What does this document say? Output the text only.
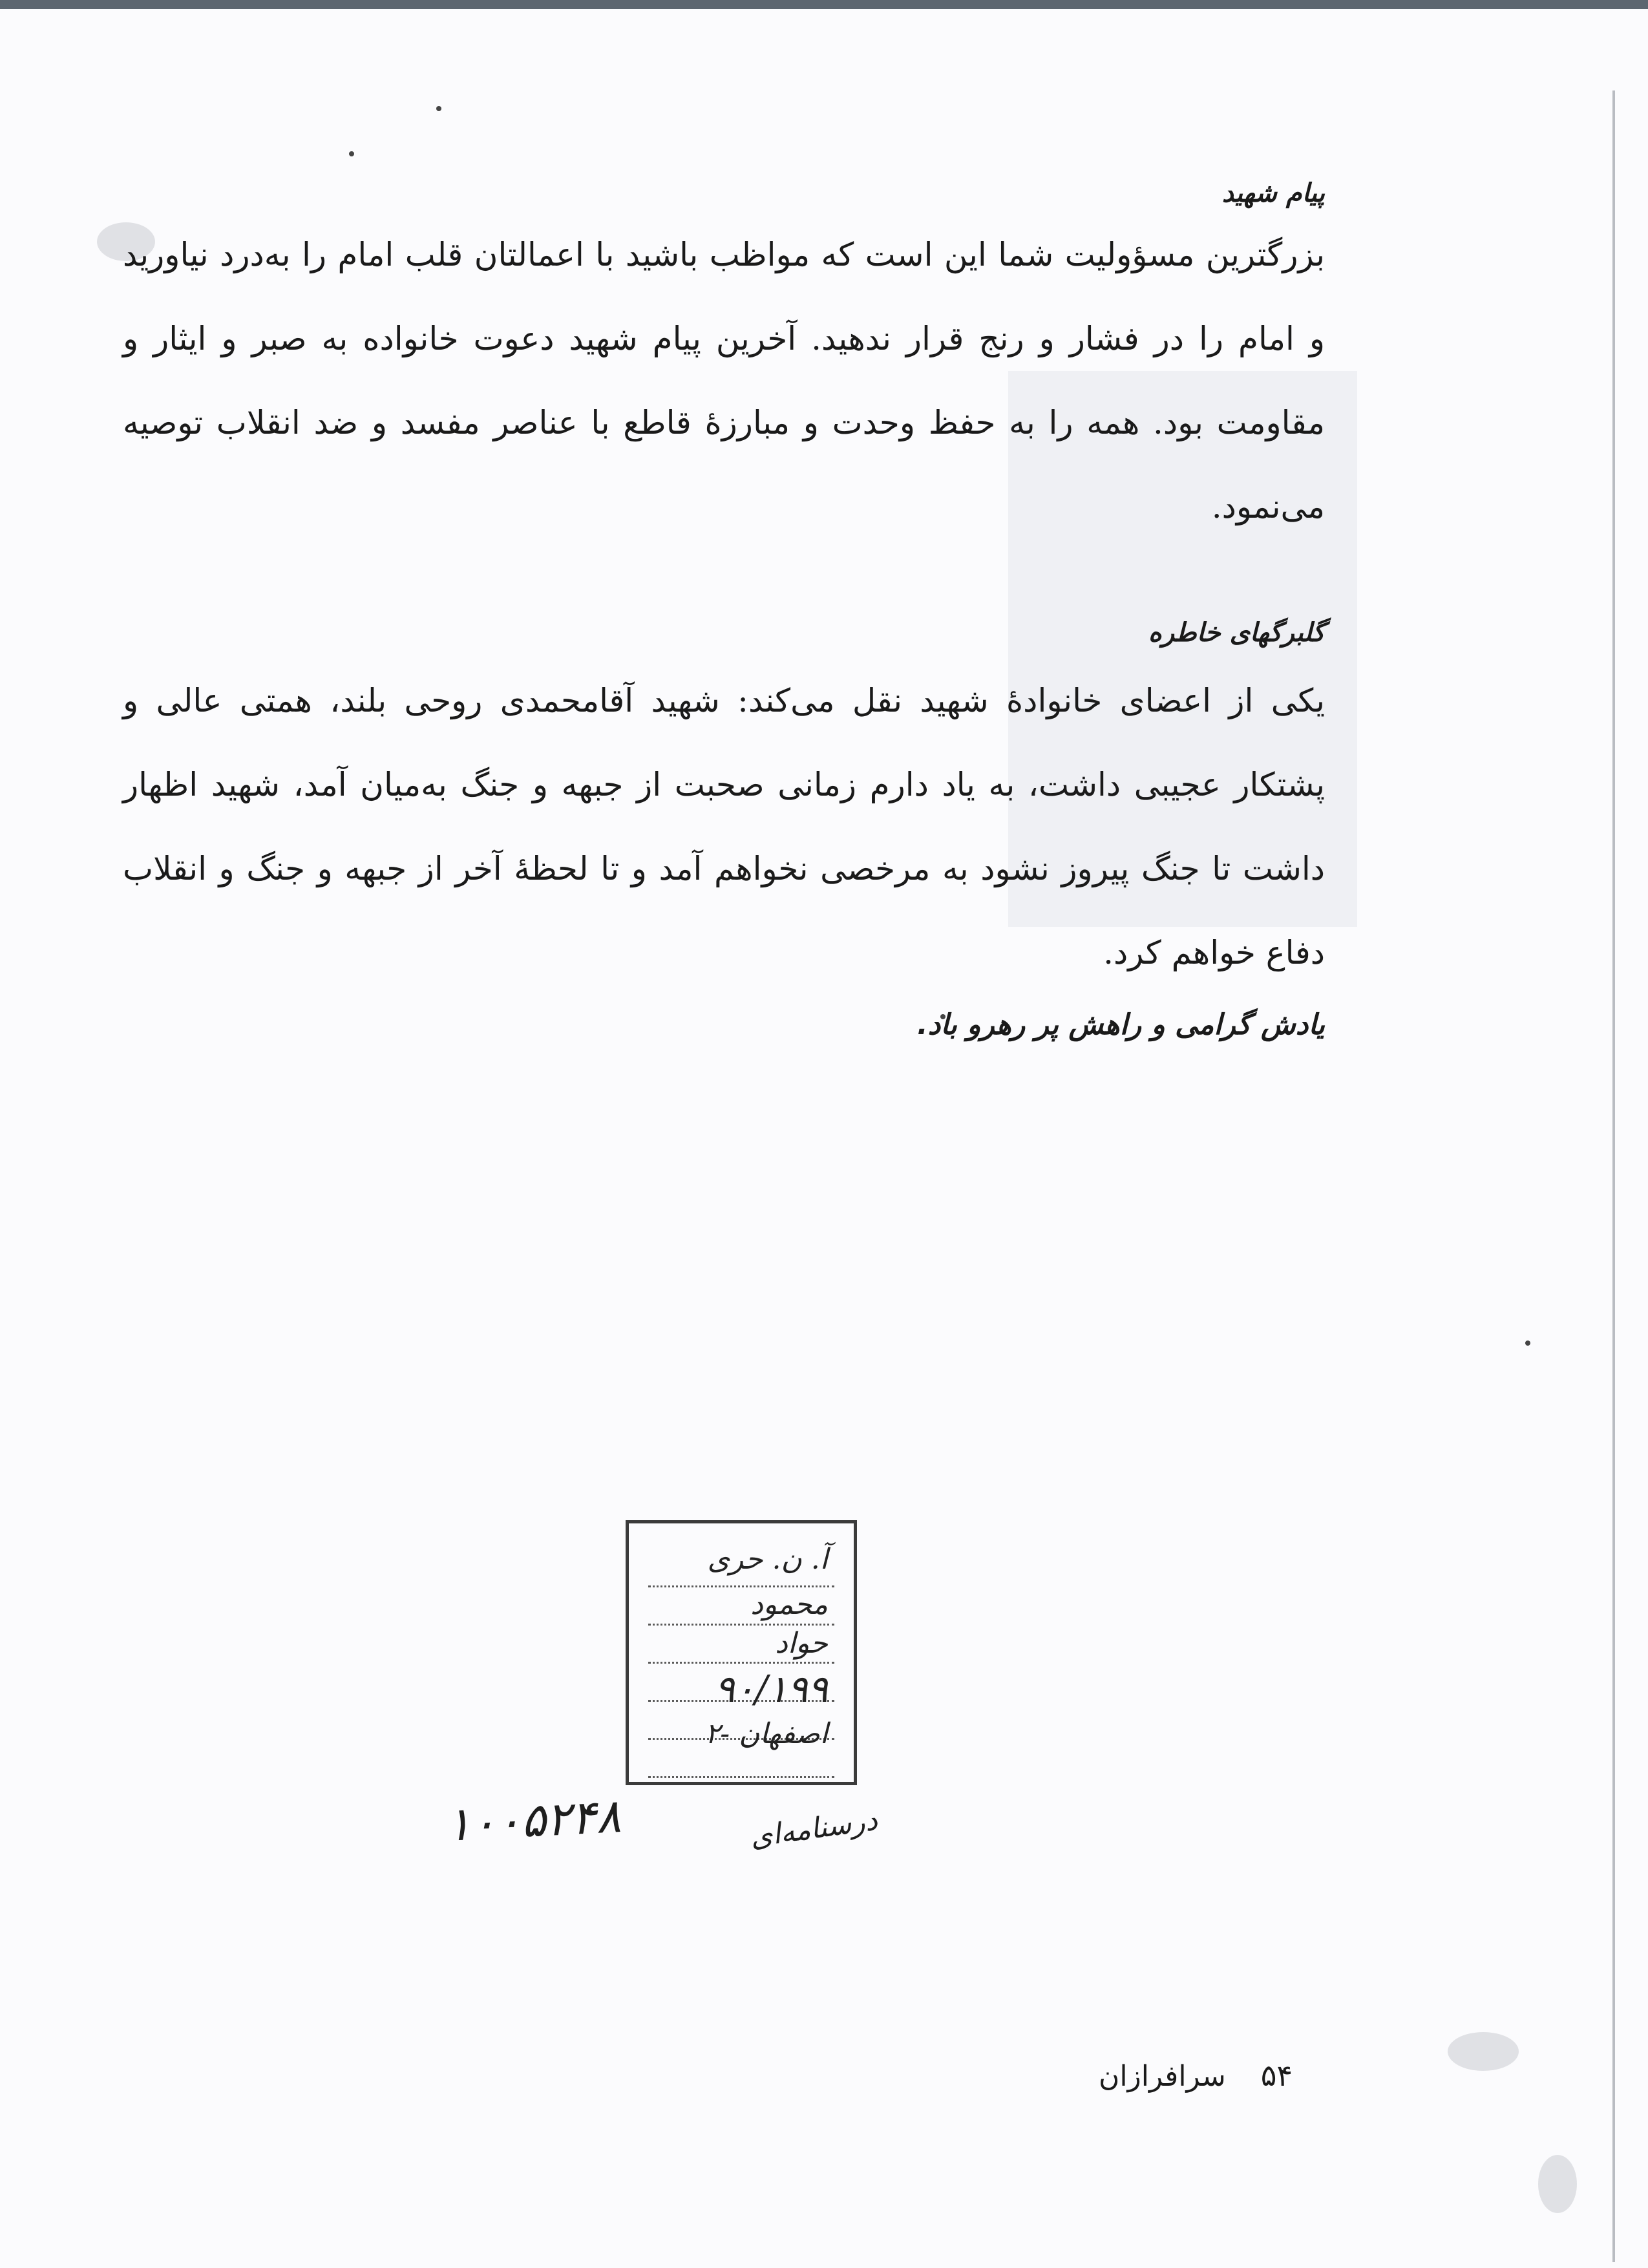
پیام شهید

بزرگترین مسؤولیت شما این است که مواظب باشید با اعمالتان قلب امام را به‌درد نیاورید و امام را در فشار و رنج قرار ندهید. آخرین پیام شهید دعوت خانواده به صبر و ایثار و مقاومت بود. همه را به حفظ وحدت و مبارزهٔ قاطع با عناصر مفسد و ضد انقلاب توصیه می‌نمود.

گلبرگهای خاطره

یکی از اعضای خانوادهٔ شهید نقل می‌کند: شهید آقامحمدی روحی بلند، همتی عالی و پشتکار عجیبی داشت، به یاد دارم زمانی صحبت از جبهه و جنگ به‌میان آمد، شهید اظهار داشت تا جنگ پیروز نشود به مرخصی نخواهم آمد و تا لحظهٔ آخر از جبهه و جنگ و انقلاب دفاع خواهم کرد.

یادش گرامی و راهش پر رهرو باد.
آ. ن. حری
محمود
حواد
۹۰/۱۹۹
اصفهان -۲
۱۰۰۵۲۴۸	درسنامه‌ای
۵۴ سرافرازان
